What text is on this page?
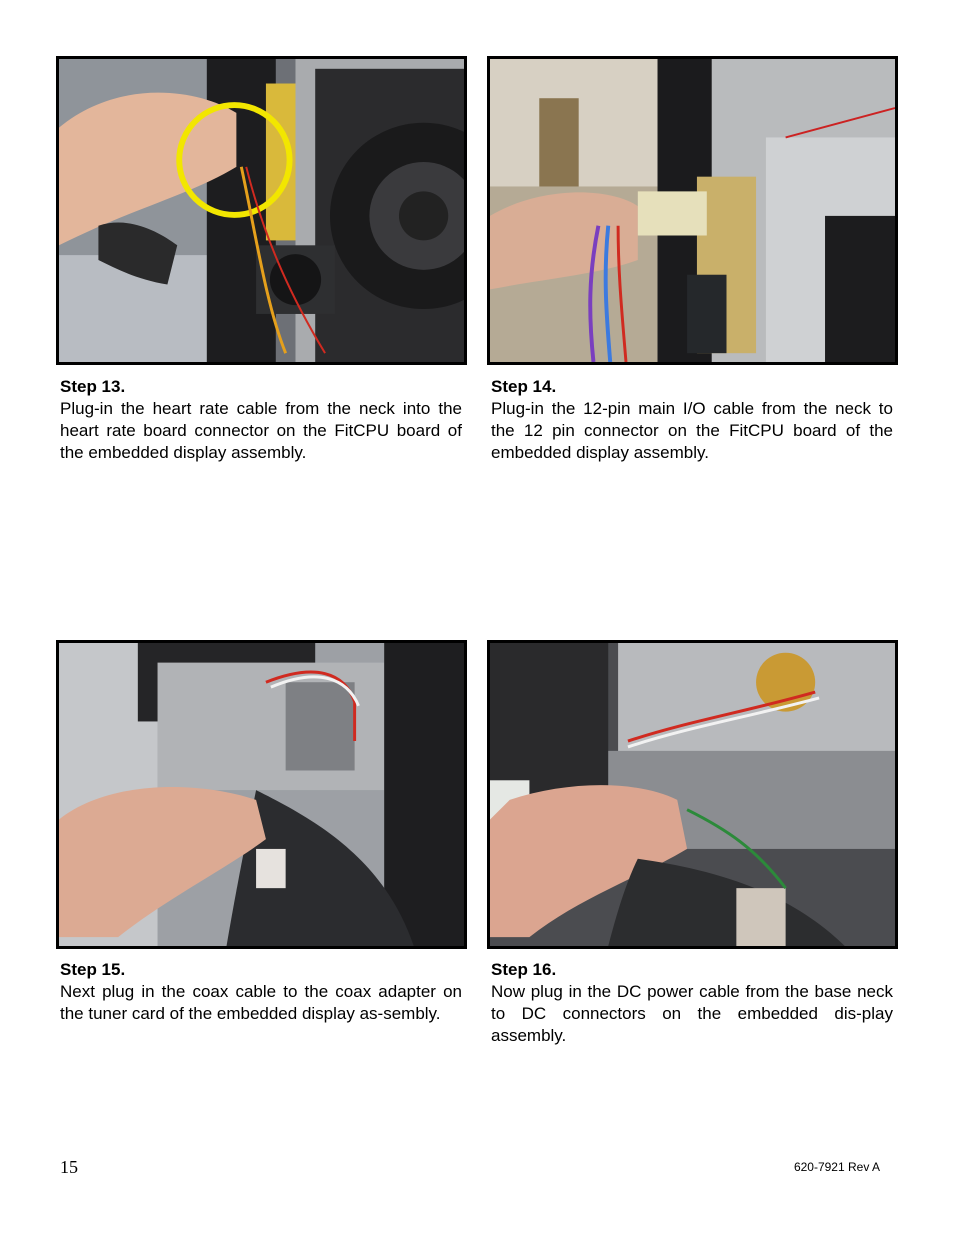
Step 13.
Plug-in the heart rate cable from the neck into the heart rate board connector on the FitCPU board of the embedded display assembly.
Step 14.
Plug-in the 12-pin main I/O cable from the neck to the 12 pin connector on the FitCPU board of the embedded display assembly.
Step 15.
Next plug in the coax cable to the coax adapter on the tuner card of the embedded display as-sembly.
Step 16.
Now plug in the DC power cable from the base neck to DC connectors on the embedded dis-play assembly.
15	620-7921 Rev A
